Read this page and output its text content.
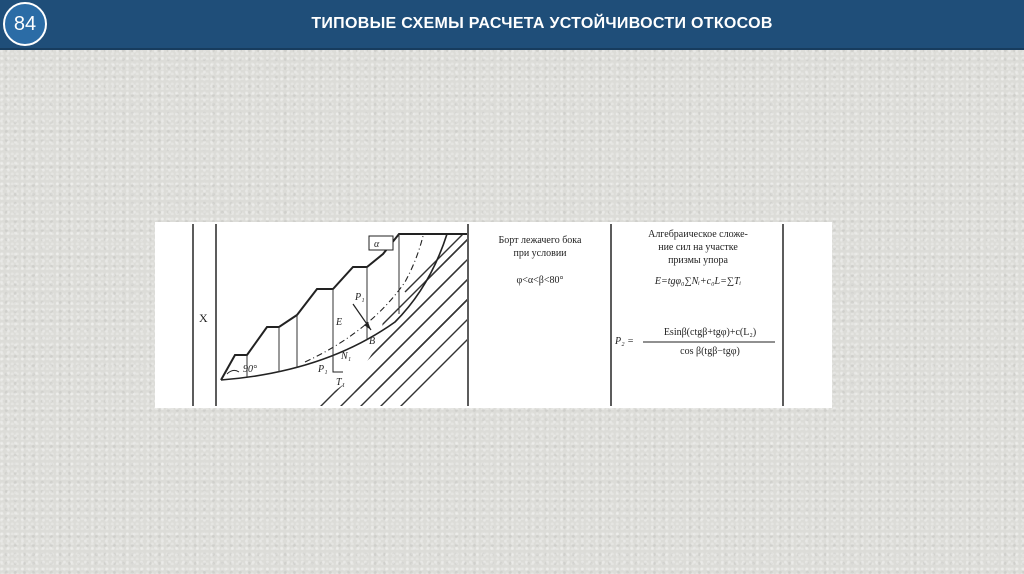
84	ТИПОВЫЕ СХЕМЫ РАСЧЕТА УСТОЙЧИВОСТИ ОТКОСОВ
α
90°
P₁
E
B
N₁
T₁
P₁
X
Борт лежачего бока
при условии
φ<α<β<80°
Алгебраическое сложе-
ние сил на участке
призмы упора
E=tgφ₀∑Nᵢ+c₀L=∑Tᵢ
P₂ =
Esinβ(ctgβ+tgφ)+c(L₂)
cos β(tgβ−tgφ)
